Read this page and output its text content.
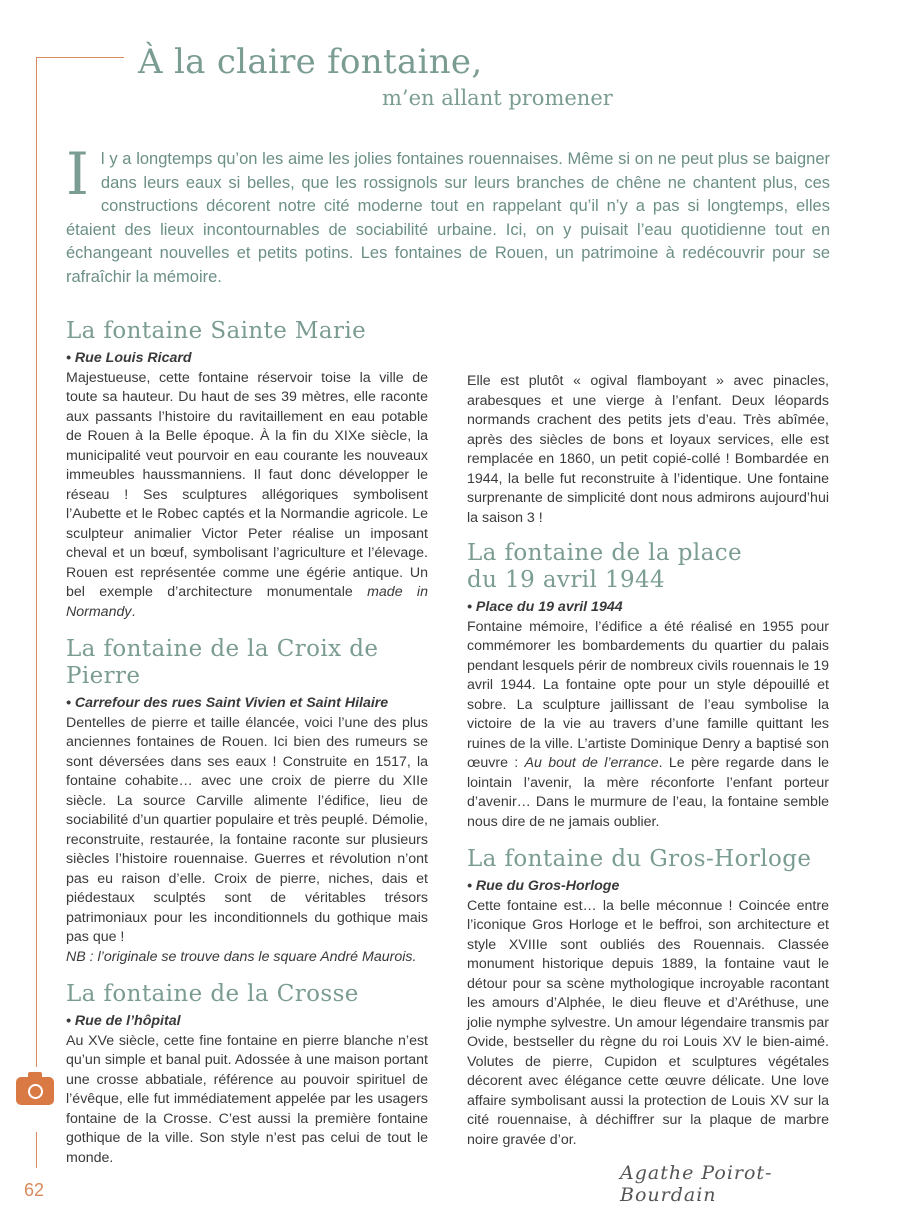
À la claire fontaine,
m’en allant promener

Il y a longtemps qu’on les aime les jolies fontaines rouennaises. Même si on ne peut plus se baigner dans leurs eaux si belles, que les rossignols sur leurs branches de chêne ne chantent plus, ces constructions décorent notre cité moderne tout en rappelant qu’il n’y a pas si longtemps, elles étaient des lieux incontournables de sociabilité urbaine. Ici, on y puisait l’eau quotidienne tout en échangeant nouvelles et petits potins. Les fontaines de Rouen, un patrimoine à redécouvrir pour se rafraîchir la mémoire.

La fontaine Sainte Marie

• Rue Louis Ricard

Majestueuse, cette fontaine réservoir toise la ville de toute sa hauteur. Du haut de ses 39 mètres, elle raconte aux passants l’histoire du ravitaillement en eau potable de Rouen à la Belle époque. À la fin du XIXe siècle, la municipalité veut pourvoir en eau courante les nouveaux immeubles haussmanniens. Il faut donc développer le réseau ! Ses sculptures allégoriques symbolisent l’Aubette et le Robec captés et la Normandie agricole. Le sculpteur animalier Victor Peter réalise un imposant cheval et un bœuf, symbolisant l’agriculture et l’élevage. Rouen est représentée comme une égérie antique. Un bel exemple d’architecture monumentale made in Normandy.

La fontaine de la Croix de Pierre

• Carrefour des rues Saint Vivien et Saint Hilaire

Dentelles de pierre et taille élancée, voici l’une des plus anciennes fontaines de Rouen. Ici bien des rumeurs se sont déversées dans ses eaux ! Construite en 1517, la fontaine cohabite… avec une croix de pierre du XIIe siècle. La source Carville alimente l’édifice, lieu de sociabilité d’un quartier populaire et très peuplé. Démolie, reconstruite, restaurée, la fontaine raconte sur plusieurs siècles l’histoire rouennaise. Guerres et révolution n’ont pas eu raison d’elle. Croix de pierre, niches, dais et piédestaux sculptés sont de véritables trésors patrimoniaux pour les inconditionnels du gothique mais pas que !

NB : l’originale se trouve dans le square André Maurois.

La fontaine de la Crosse

• Rue de l’hôpital

Au XVe siècle, cette fine fontaine en pierre blanche n’est qu’un simple et banal puit. Adossée à une maison portant une crosse abbatiale, référence au pouvoir spirituel de l’évêque, elle fut immédiatement appelée par les usagers fontaine de la Crosse. C’est aussi la première fontaine gothique de la ville. Son style n’est pas celui de tout le monde.

Elle est plutôt « ogival flamboyant » avec pinacles, arabesques et une vierge à l’enfant. Deux léopards normands crachent des petits jets d’eau. Très abîmée, après des siècles de bons et loyaux services, elle est remplacée en 1860, un petit copié-collé ! Bombardée en 1944, la belle fut reconstruite à l’identique. Une fontaine surprenante de simplicité dont nous admirons aujourd’hui la saison 3 !

La fontaine de la place
du 19 avril 1944

• Place du 19 avril 1944

Fontaine mémoire, l’édifice a été réalisé en 1955 pour commémorer les bombardements du quartier du palais pendant lesquels périr de nombreux civils rouennais le 19 avril 1944. La fontaine opte pour un style dépouillé et sobre. La sculpture jaillissant de l’eau symbolise la victoire de la vie au travers d’une famille quittant les ruines de la ville. L’artiste Dominique Denry a baptisé son œuvre : Au bout de l’errance. Le père regarde dans le lointain l’avenir, la mère réconforte l’enfant porteur d’avenir… Dans le murmure de l’eau, la fontaine semble nous dire de ne jamais oublier.

La fontaine du Gros-Horloge

• Rue du Gros-Horloge

Cette fontaine est… la belle méconnue ! Coincée entre l’iconique Gros Horloge et le beffroi, son architecture et style XVIIIe sont oubliés des Rouennais. Classée monument historique depuis 1889, la fontaine vaut le détour pour sa scène mythologique incroyable racontant les amours d’Alphée, le dieu fleuve et d’Aréthuse, une jolie nymphe sylvestre. Un amour légendaire transmis par Ovide, bestseller du règne du roi Louis XV le bien-aimé. Volutes de pierre, Cupidon et sculptures végétales décorent avec élégance cette œuvre délicate. Une love affaire symbolisant aussi la protection de Louis XV sur la cité rouennaise, à déchiffrer sur la plaque de marbre noire gravée d’or.

62
Agathe Poirot-Bourdain
